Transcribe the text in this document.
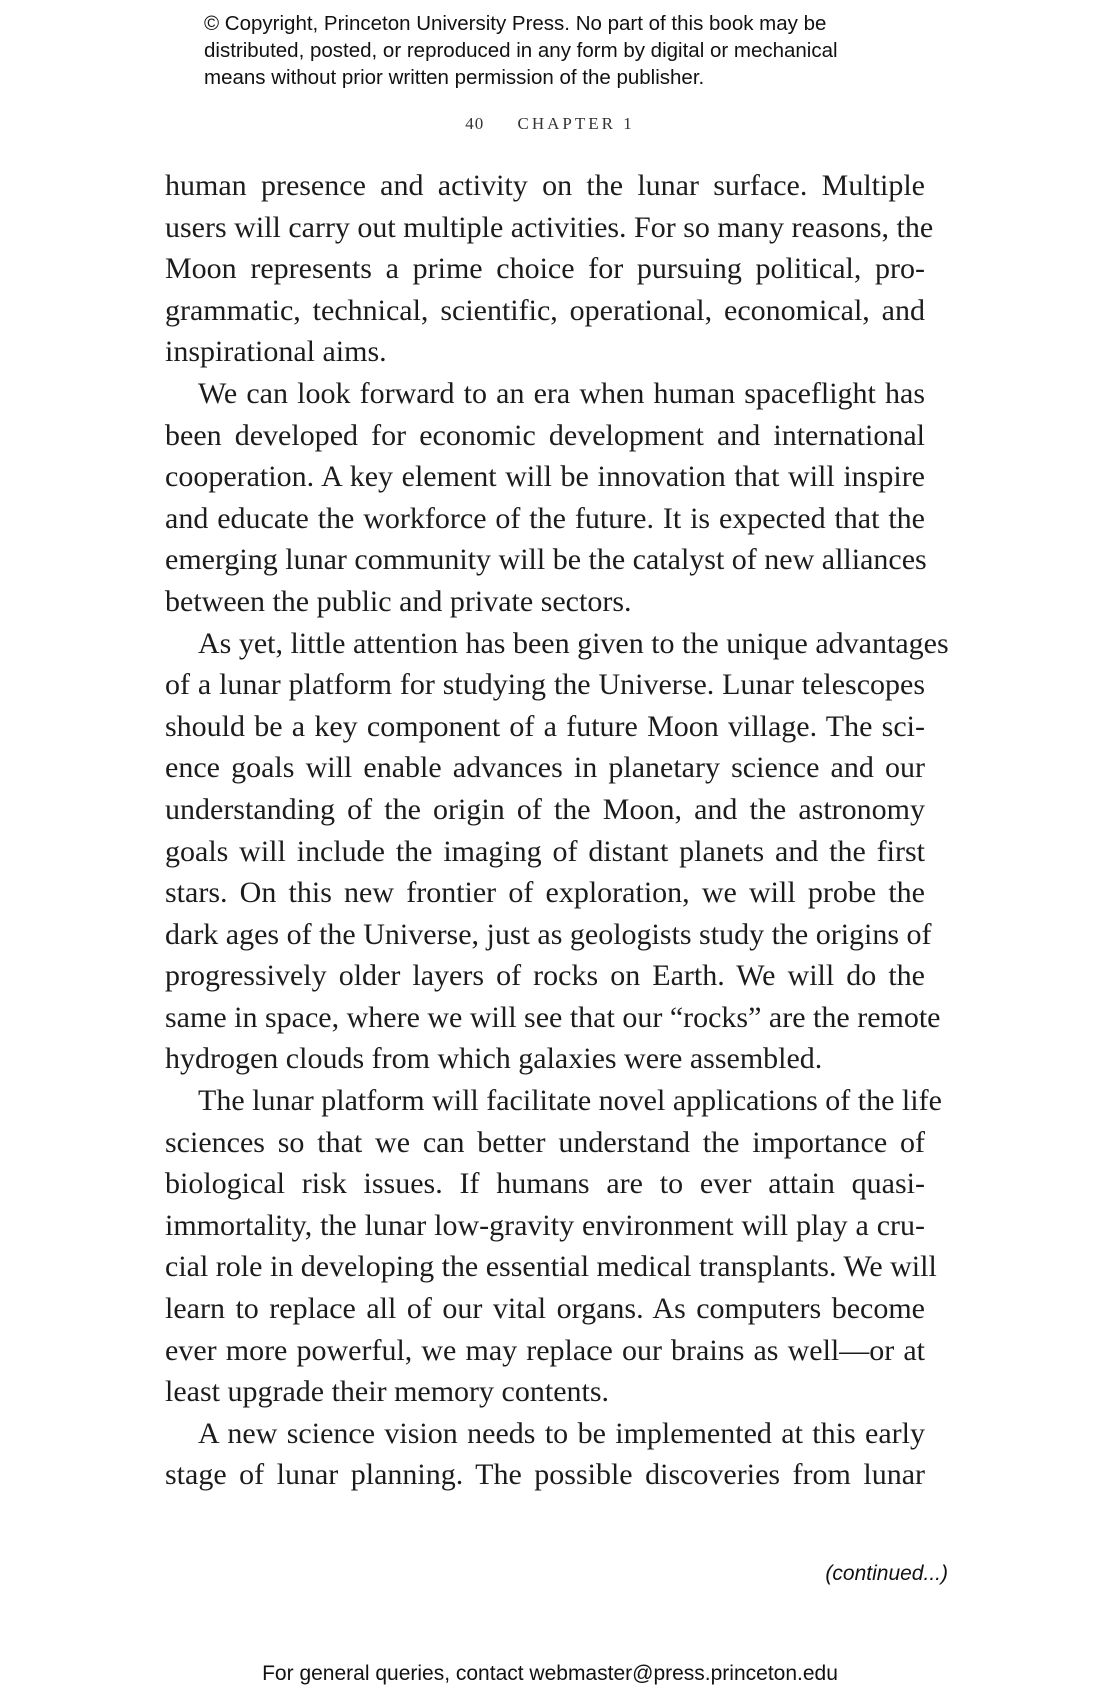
© Copyright, Princeton University Press. No part of this book may be
distributed, posted, or reproduced in any form by digital or mechanical
means without prior written permission of the publisher.
40 CHAPTER 1
human presence and activity on the lunar surface. Multiple
users will carry out multiple activities. For so many reasons, the
Moon represents a prime choice for pursuing political, pro-
grammatic, technical, scientific, operational, economical, and
inspirational aims.
We can look forward to an era when human spaceflight has
been developed for economic development and international
cooperation. A key element will be innovation that will inspire
and educate the workforce of the future. It is expected that the
emerging lunar community will be the catalyst of new alliances
between the public and private sectors.
As yet, little attention has been given to the unique advantages
of a lunar platform for studying the Universe. Lunar telescopes
should be a key component of a future Moon village. The sci-
ence goals will enable advances in planetary science and our
understanding of the origin of the Moon, and the astronomy
goals will include the imaging of distant planets and the first
stars. On this new frontier of exploration, we will probe the
dark ages of the Universe, just as geologists study the origins of
progressively older layers of rocks on Earth. We will do the
same in space, where we will see that our “rocks” are the remote
hydrogen clouds from which galaxies were assembled.
The lunar platform will facilitate novel applications of the life
sciences so that we can better understand the importance of
biological risk issues. If humans are to ever attain quasi-
immortality, the lunar low-gravity environment will play a cru-
cial role in developing the essential medical transplants. We will
learn to replace all of our vital organs. As computers become
ever more powerful, we may replace our brains as well—or at
least upgrade their memory contents.
A new science vision needs to be implemented at this early
stage of lunar planning. The possible discoveries from lunar
(continued...)
For general queries, contact webmaster@press.princeton.edu
